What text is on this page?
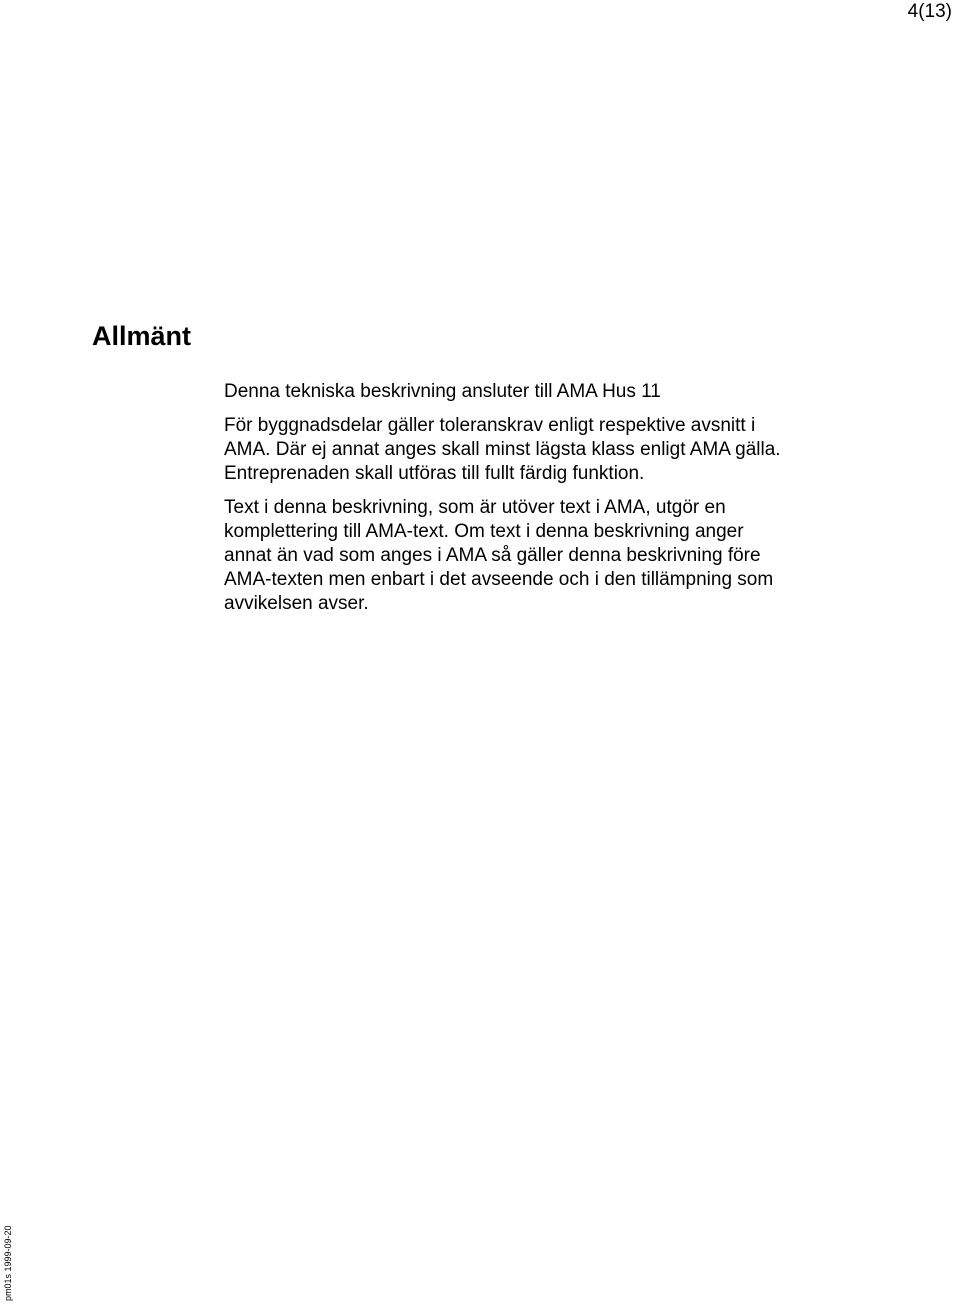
4(13)
Allmänt

Denna tekniska beskrivning ansluter till AMA Hus 11

För byggnadsdelar gäller toleranskrav enligt respektive avsnitt i

AMA. Där ej annat anges skall minst lägsta klass enligt AMA gälla.

Entreprenaden skall utföras till fullt färdig funktion.

Text i denna beskrivning, som är utöver text i AMA, utgör en

komplettering till AMA-text. Om text i denna beskrivning anger

annat än vad som anges i AMA så gäller denna beskrivning före

AMA-texten men enbart i det avseende och i den tillämpning som

avvikelsen avser.

pm01s 1999-09-20
